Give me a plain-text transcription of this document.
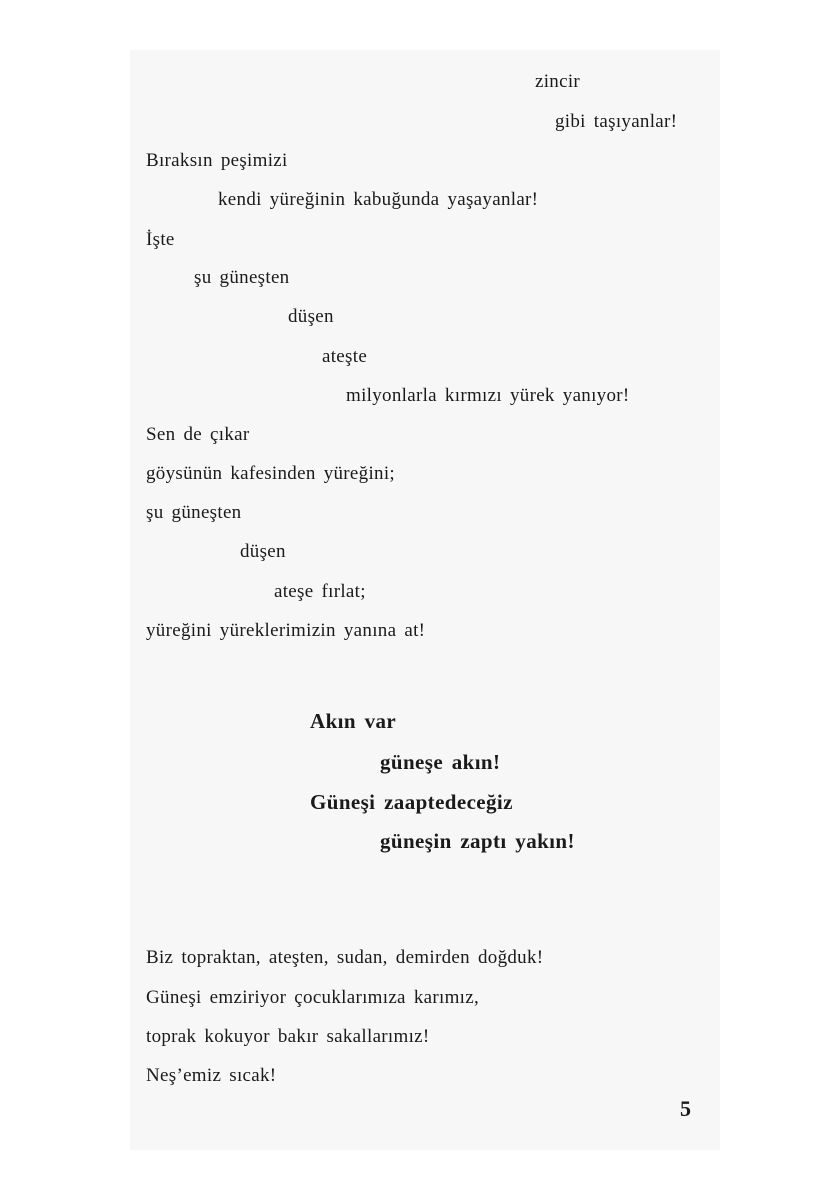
zincir
gibi taşıyanlar!
Bıraksın peşimizi
kendi yüreğinin kabuğunda yaşayanlar!
İşte
şu güneşten
düşen
ateşte
milyonlarla kırmızı yürek yanıyor!
Sen de çıkar
göysünün kafesinden yüreğini;
şu güneşten
düşen
ateşe fırlat;
yüreğini yüreklerimizin yanına at!
Akın var
güneşe akın!
Güneşi zaaptedeceğiz
güneşin zaptı yakın!
Biz topraktan, ateşten, sudan, demirden doğduk!
Güneşi emziriyor çocuklarımıza karımız,
toprak kokuyor bakır sakallarımız!
Neş’emiz sıcak!
5
